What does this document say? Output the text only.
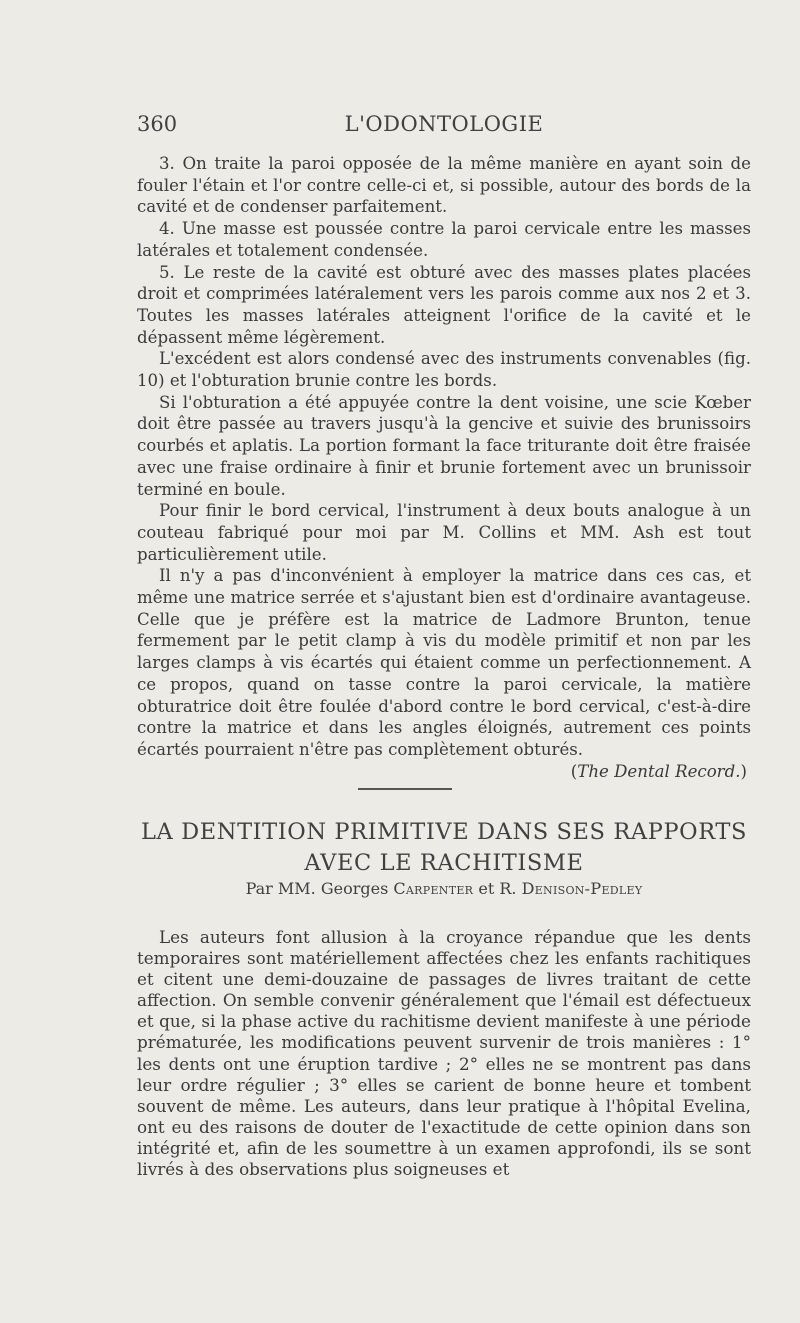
360	L'ODONTOLOGIE

3. On traite la paroi opposée de la même manière en ayant soin de fouler l'étain et l'or contre celle-ci et, si possible, autour des bords de la cavité et de condenser parfaitement.

4. Une masse est poussée contre la paroi cervicale entre les masses latérales et totalement condensée.

5. Le reste de la cavité est obturé avec des masses plates placées droit et comprimées latéralement vers les parois comme aux nos 2 et 3. Toutes les masses latérales atteignent l'orifice de la cavité et le dépassent même légèrement.

L'excédent est alors condensé avec des instruments convenables (fig. 10) et l'obturation brunie contre les bords.

Si l'obturation a été appuyée contre la dent voisine, une scie Kœber doit être passée au travers jusqu'à la gencive et suivie des brunissoirs courbés et aplatis. La portion formant la face triturante doit être fraisée avec une fraise ordinaire à finir et brunie fortement avec un brunissoir terminé en boule.

Pour finir le bord cervical, l'instrument à deux bouts analogue à un couteau fabriqué pour moi par M. Collins et MM. Ash est tout particulièrement utile.

Il n'y a pas d'inconvénient à employer la matrice dans ces cas, et même une matrice serrée et s'ajustant bien est d'ordinaire avantageuse. Celle que je préfère est la matrice de Ladmore Brunton, tenue fermement par le petit clamp à vis du modèle primitif et non par les larges clamps à vis écartés qui étaient comme un perfectionnement. A ce propos, quand on tasse contre la paroi cervicale, la matière obturatrice doit être foulée d'abord contre le bord cervical, c'est-à-dire contre la matrice et dans les angles éloignés, autrement ces points écartés pourraient n'être pas complètement obturés.

(The Dental Record.)

LA DENTITION PRIMITIVE DANS SES RAPPORTS
AVEC LE RACHITISME

Par MM. Georges Carpenter et R. Denison-Pedley

Les auteurs font allusion à la croyance répandue que les dents temporaires sont matériellement affectées chez les enfants rachitiques et citent une demi-douzaine de passages de livres traitant de cette affection. On semble convenir généralement que l'émail est défectueux et que, si la phase active du rachitisme devient manifeste à une période prématurée, les modifications peuvent survenir de trois manières : 1° les dents ont une éruption tardive ; 2° elles ne se montrent pas dans leur ordre régulier ; 3° elles se carient de bonne heure et tombent souvent de même. Les auteurs, dans leur pratique à l'hôpital Evelina, ont eu des raisons de douter de l'exactitude de cette opinion dans son intégrité et, afin de les soumettre à un examen approfondi, ils se sont livrés à des observations plus soigneuses et
